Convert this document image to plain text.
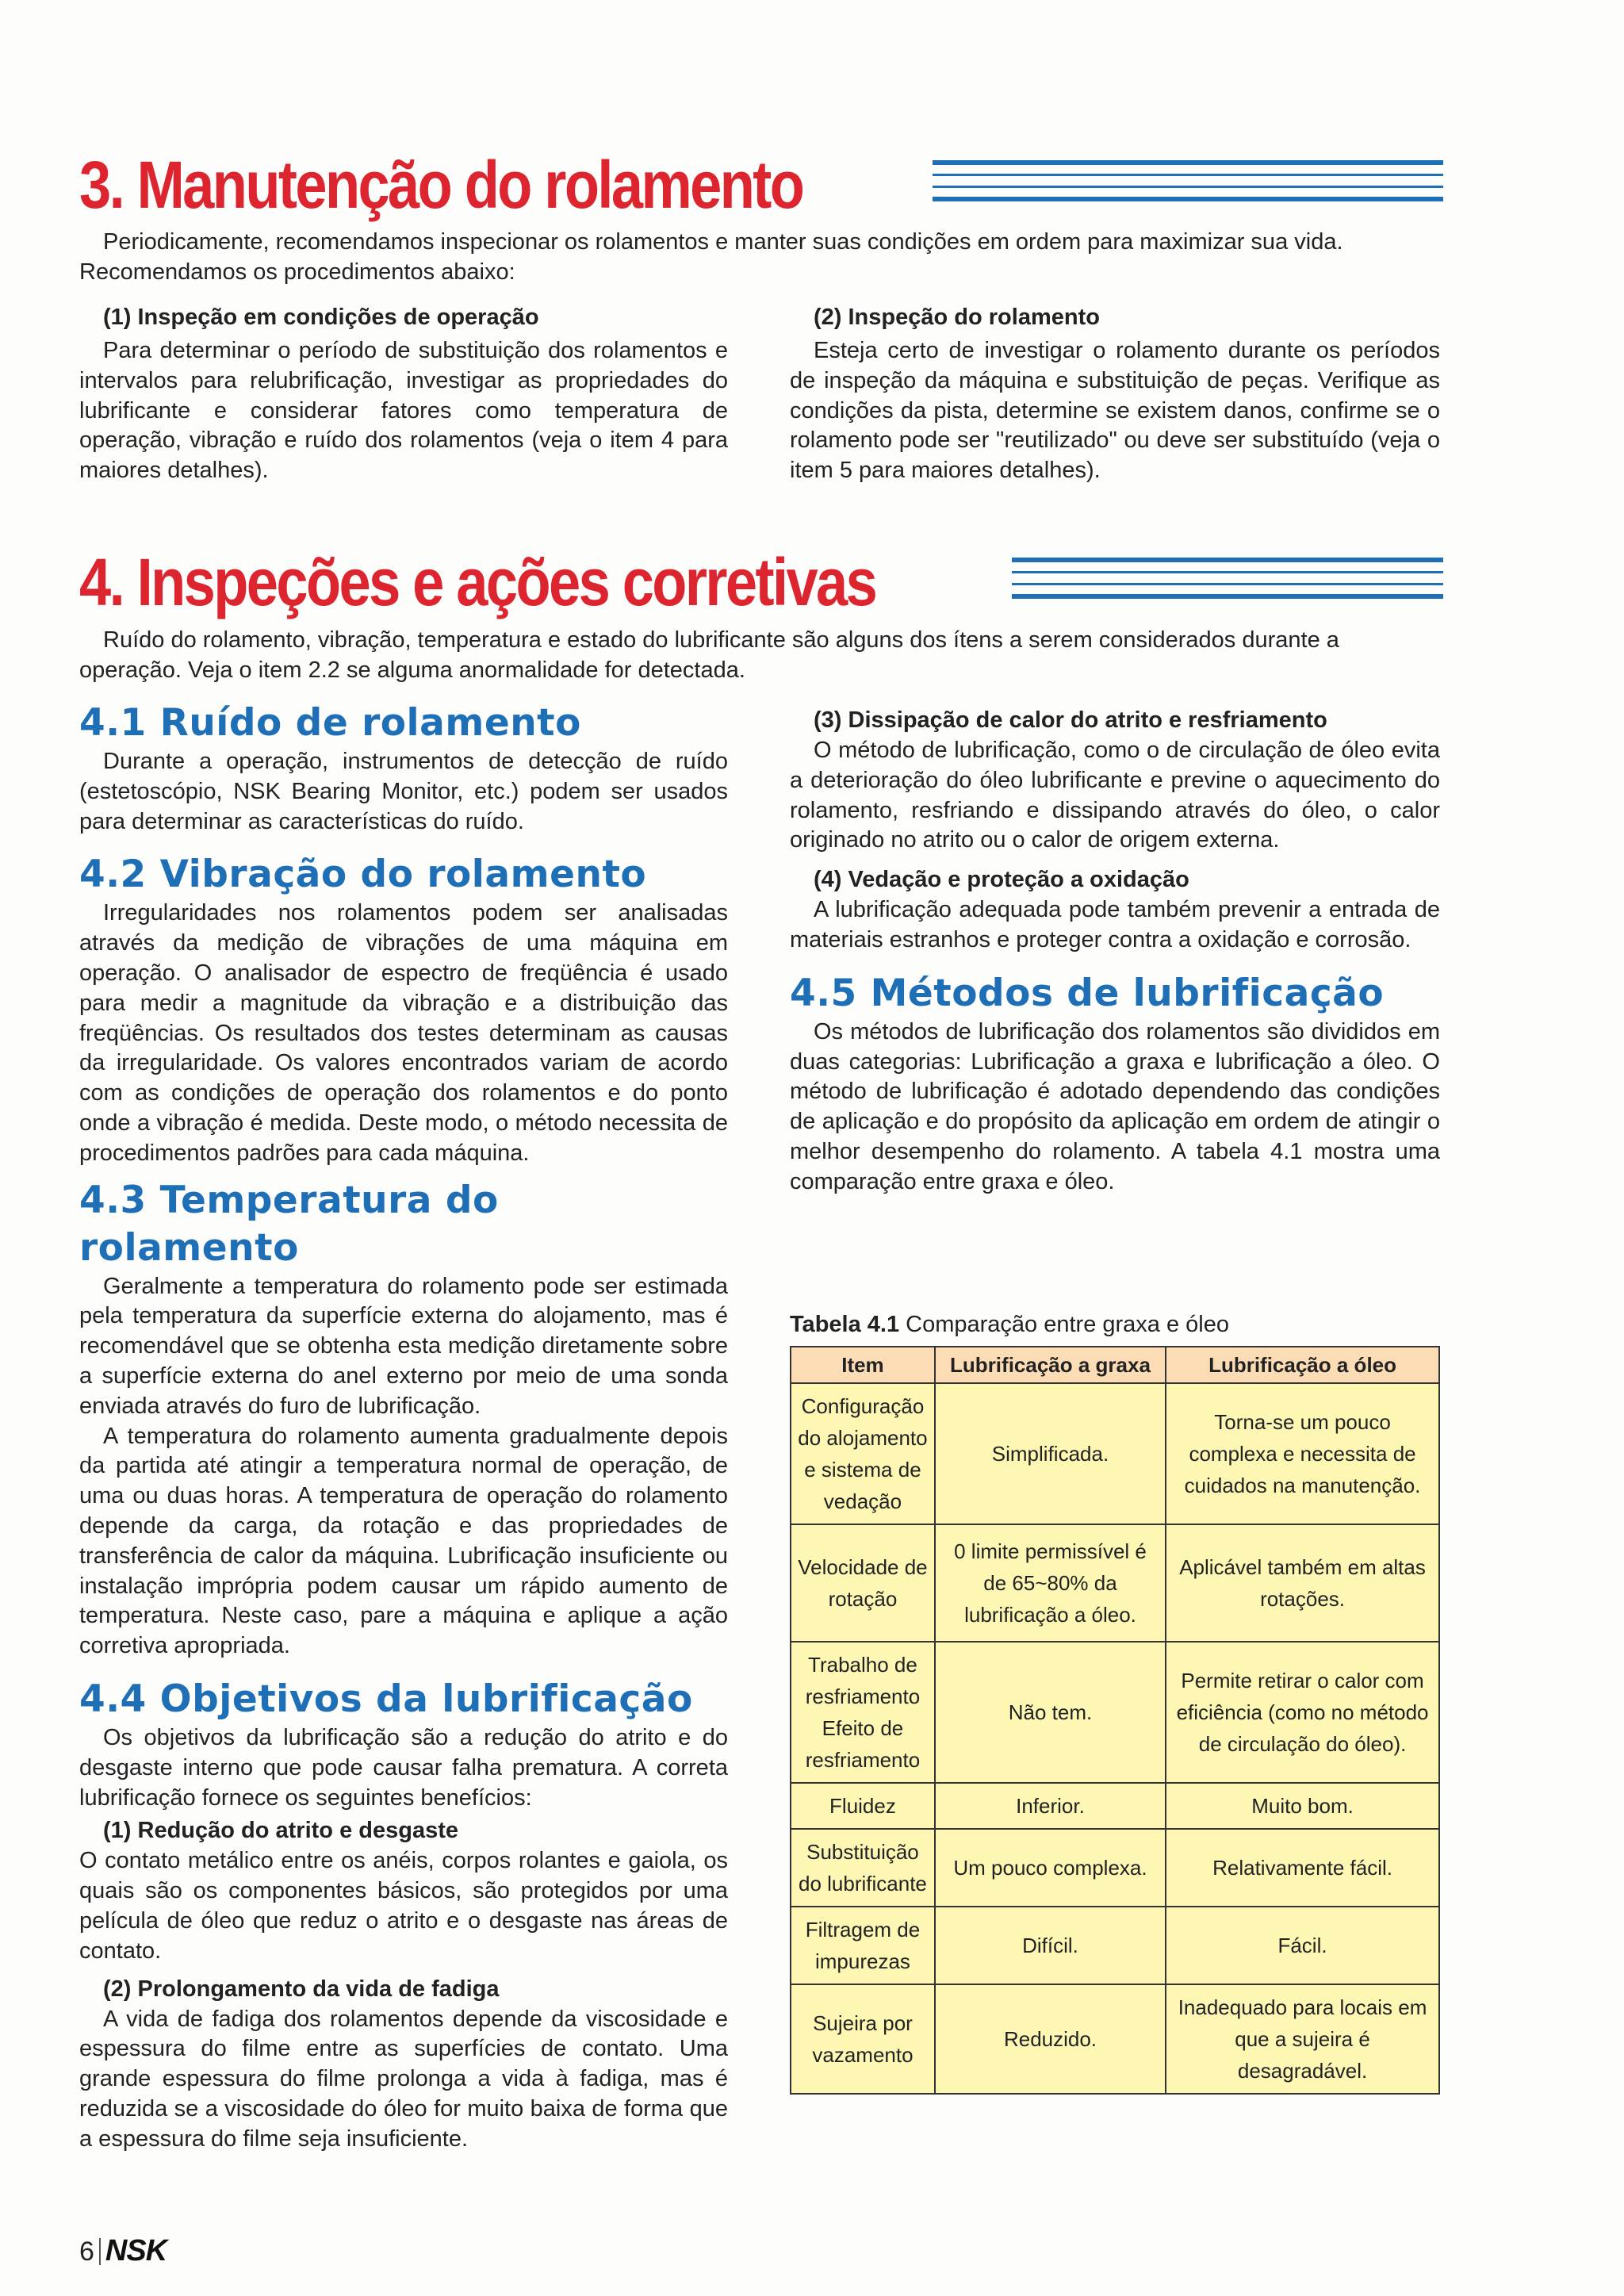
3. Manutenção do rolamento
Periodicamente, recomendamos inspecionar os rolamentos e manter suas condições em ordem para maximizar sua vida. Recomendamos os procedimentos abaixo:
(1) Inspeção em condições de operação

Para determinar o período de substituição dos rolamentos e intervalos para relubrificação, investigar as propriedades do lubrificante e considerar fatores como temperatura de operação, vibração e ruído dos rolamentos (veja o item 4 para maiores detalhes).

(2) Inspeção do rolamento

Esteja certo de investigar o rolamento durante os períodos de inspeção da máquina e substituição de peças. Verifique as condições da pista, determine se existem danos, confirme se o rolamento pode ser "reutilizado" ou deve ser substituído (veja o item 5 para maiores detalhes).

4. Inspeções e ações corretivas
Ruído do rolamento, vibração, temperatura e estado do lubrificante são alguns dos ítens a serem considerados durante a operação. Veja o item 2.2 se alguma anormalidade for detectada.
4.1 Ruído de rolamento

Durante a operação, instrumentos de detecção de ruído (estetoscópio, NSK Bearing Monitor, etc.) podem ser usados para determinar as características do ruído.

4.2 Vibração do rolamento

Irregularidades nos rolamentos podem ser analisadas através da medição de vibrações de uma máquina em operação. O analisador de espectro de freqüência é usado para medir a magnitude da vibração e a distribuição das freqüências. Os resultados dos testes determinam as causas da irregularidade. Os valores encontrados variam de acordo com as condições de operação dos rolamentos e do ponto onde a vibração é medida. Deste modo, o método necessita de procedimentos padrões para cada máquina.

4.3 Temperatura do rolamento

Geralmente a temperatura do rolamento pode ser estimada pela temperatura da superfície externa do alojamento, mas é recomendável que se obtenha esta medição diretamente sobre a superfície externa do anel externo por meio de uma sonda enviada através do furo de lubrificação.

A temperatura do rolamento aumenta gradualmente depois da partida até atingir a temperatura normal de operação, de uma ou duas horas. A temperatura de operação do rolamento depende da carga, da rotação e das propriedades de transferência de calor da máquina. Lubrificação insuficiente ou instalação imprópria podem causar um rápido aumento de temperatura. Neste caso, pare a máquina e aplique a ação corretiva apropriada.

4.4 Objetivos da lubrificação

Os objetivos da lubrificação são a redução do atrito e do desgaste interno que pode causar falha prematura. A correta lubrificação fornece os seguintes benefícios:

(1) Redução do atrito e desgaste

O contato metálico entre os anéis, corpos rolantes e gaiola, os quais são os componentes básicos, são protegidos por uma película de óleo que reduz o atrito e o desgaste nas áreas de contato.

(2) Prolongamento da vida de fadiga

A vida de fadiga dos rolamentos depende da viscosidade e espessura do filme entre as superfícies de contato. Uma grande espessura do filme prolonga a vida à fadiga, mas é reduzida se a viscosidade do óleo for muito baixa de forma que a espessura do filme seja insuficiente.

(3) Dissipação de calor do atrito e resfriamento

O método de lubrificação, como o de circulação de óleo evita a deterioração do óleo lubrificante e previne o aquecimento do rolamento, resfriando e dissipando através do óleo, o calor originado no atrito ou o calor de origem externa.

(4) Vedação e proteção a oxidação

A lubrificação adequada pode também prevenir a entrada de materiais estranhos e proteger contra a oxidação e corrosão.

4.5 Métodos de lubrificação

Os métodos de lubrificação dos rolamentos são divididos em duas categorias: Lubrificação a graxa e lubrificação a óleo. O método de lubrificação é adotado dependendo das condições de aplicação e do propósito da aplicação em ordem de atingir o melhor desempenho do rolamento. A tabela 4.1 mostra uma comparação entre graxa e óleo.

Tabela 4.1 Comparação entre graxa e óleo
Item	Lubrificação a graxa	Lubrificação a óleo
Configuração do alojamento e sistema de vedação	Simplificada.	Torna-se um pouco complexa e necessita de cuidados na manutenção.
Velocidade de rotação	0 limite permissível é de 65~80% da lubrificação a óleo.	Aplicável também em altas rotações.
Trabalho de resfriamento Efeito de resfriamento	Não tem.	Permite retirar o calor com eficiência (como no método de circulação do óleo).
Fluidez	Inferior.	Muito bom.
Substituição do lubrificante	Um pouco complexa.	Relativamente fácil.
Filtragem de impurezas	Difícil.	Fácil.
Sujeira por vazamento	Reduzido.	Inadequado para locais em que a sujeira é desagradável.
6 NSK
